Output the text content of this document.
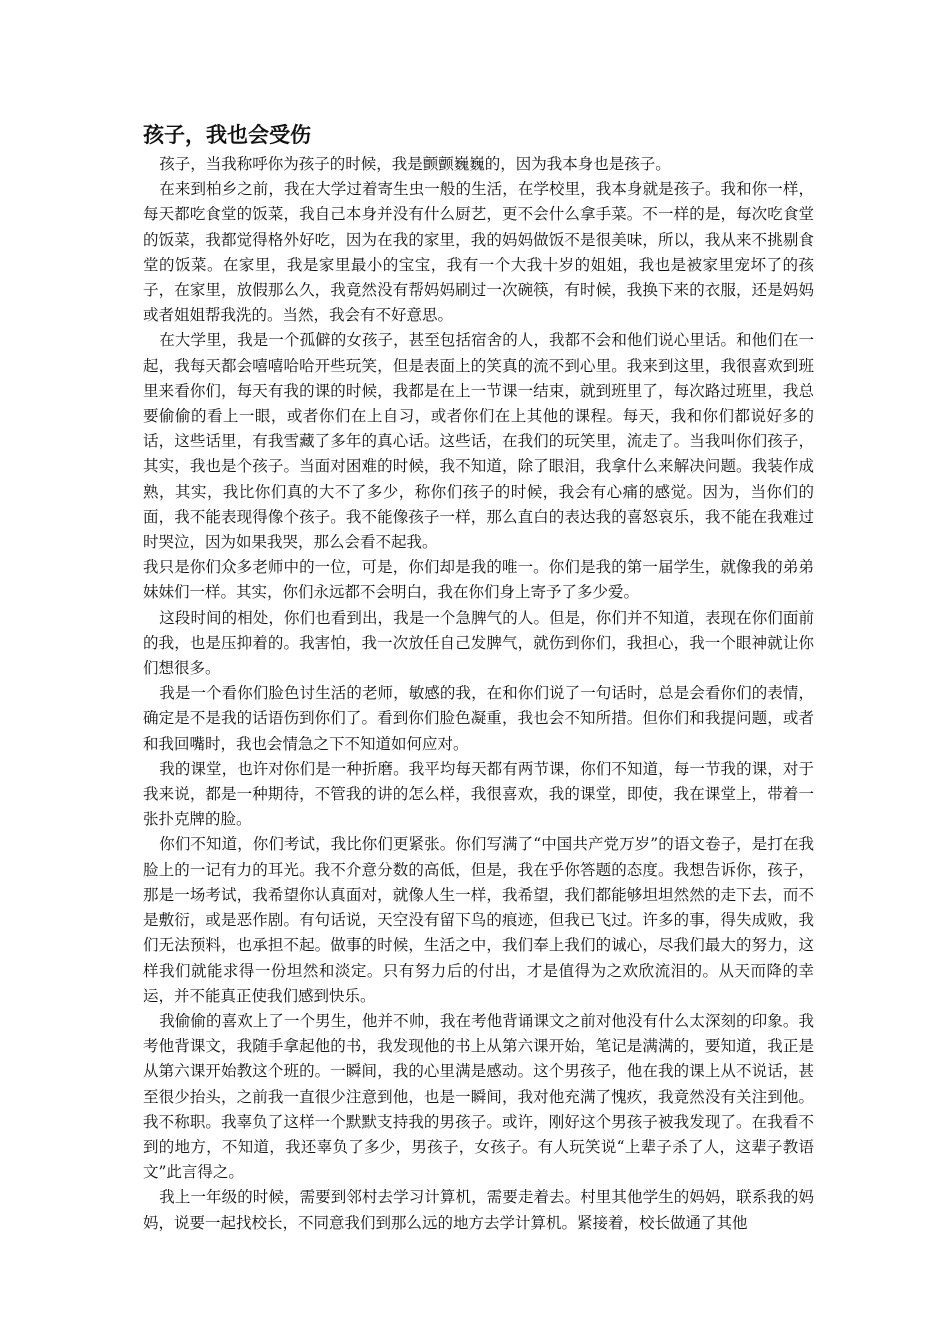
孩子，我也会受伤

孩子，当我称呼你为孩子的时候，我是颤颤巍巍的，因为我本身也是孩子。

在来到柏乡之前，我在大学过着寄生虫一般的生活，在学校里，我本身就是孩子。我和你一样，每天都吃食堂的饭菜，我自己本身并没有什么厨艺，更不会什么拿手菜。不一样的是，每次吃食堂的饭菜，我都觉得格外好吃，因为在我的家里，我的妈妈做饭不是很美味，所以，我从来不挑剔食堂的饭菜。在家里，我是家里最小的宝宝，我有一个大我十岁的姐姐，我也是被家里宠坏了的孩子，在家里，放假那么久，我竟然没有帮妈妈刷过一次碗筷，有时候，我换下来的衣服，还是妈妈或者姐姐帮我洗的。当然，我会有不好意思。

在大学里，我是一个孤僻的女孩子，甚至包括宿舍的人，我都不会和他们说心里话。和他们在一起，我每天都会嘻嘻哈哈开些玩笑，但是表面上的笑真的流不到心里。我来到这里，我很喜欢到班里来看你们，每天有我的课的时候，我都是在上一节课一结束，就到班里了，每次路过班里，我总要偷偷的看上一眼，或者你们在上自习，或者你们在上其他的课程。每天，我和你们都说好多的话，这些话里，有我雪藏了多年的真心话。这些话，在我们的玩笑里，流走了。当我叫你们孩子，其实，我也是个孩子。当面对困难的时候，我不知道，除了眼泪，我拿什么来解决问题。我装作成熟，其实，我比你们真的大不了多少，称你们孩子的时候，我会有心痛的感觉。因为，当你们的面，我不能表现得像个孩子。我不能像孩子一样，那么直白的表达我的喜怒哀乐，我不能在我难过时哭泣，因为如果我哭，那么会看不起我。

我只是你们众多老师中的一位，可是，你们却是我的唯一。你们是我的第一届学生，就像我的弟弟妹妹们一样。其实，你们永远都不会明白，我在你们身上寄予了多少爱。

这段时间的相处，你们也看到出，我是一个急脾气的人。但是，你们并不知道，表现在你们面前的我，也是压抑着的。我害怕，我一次放任自己发脾气，就伤到你们，我担心，我一个眼神就让你们想很多。

我是一个看你们脸色讨生活的老师，敏感的我，在和你们说了一句话时，总是会看你们的表情，确定是不是我的话语伤到你们了。看到你们脸色凝重，我也会不知所措。但你们和我提问题，或者和我回嘴时，我也会情急之下不知道如何应对。

我的课堂，也许对你们是一种折磨。我平均每天都有两节课，你们不知道，每一节我的课，对于我来说，都是一种期待，不管我的讲的怎么样，我很喜欢，我的课堂，即使，我在课堂上，带着一张扑克牌的脸。

你们不知道，你们考试，我比你们更紧张。你们写满了“中国共产党万岁”的语文卷子，是打在我脸上的一记有力的耳光。我不介意分数的高低，但是，我在乎你答题的态度。我想告诉你，孩子，那是一场考试，我希望你认真面对，就像人生一样，我希望，我们都能够坦坦然然的走下去，而不是敷衍，或是恶作剧。有句话说，天空没有留下鸟的痕迹，但我已飞过。许多的事，得失成败，我们无法预料，也承担不起。做事的时候，生活之中，我们奉上我们的诚心，尽我们最大的努力，这样我们就能求得一份坦然和淡定。只有努力后的付出，才是值得为之欢欣流泪的。从天而降的幸运，并不能真正使我们感到快乐。

我偷偷的喜欢上了一个男生，他并不帅，我在考他背诵课文之前对他没有什么太深刻的印象。我考他背课文，我随手拿起他的书，我发现他的书上从第六课开始，笔记是满满的，要知道，我正是从第六课开始教这个班的。一瞬间，我的心里满是感动。这个男孩子，他在我的课上从不说话，甚至很少抬头，之前我一直很少注意到他，也是一瞬间，我对他充满了愧疚，我竟然没有关注到他。我不称职。我辜负了这样一个默默支持我的男孩子。或许，刚好这个男孩子被我发现了。在我看不到的地方，不知道，我还辜负了多少，男孩子，女孩子。有人玩笑说“上辈子杀了人，这辈子教语文”此言得之。

我上一年级的时候，需要到邻村去学习计算机，需要走着去。村里其他学生的妈妈，联系我的妈妈，说要一起找校长，不同意我们到那么远的地方去学计算机。紧接着，校长做通了其他
